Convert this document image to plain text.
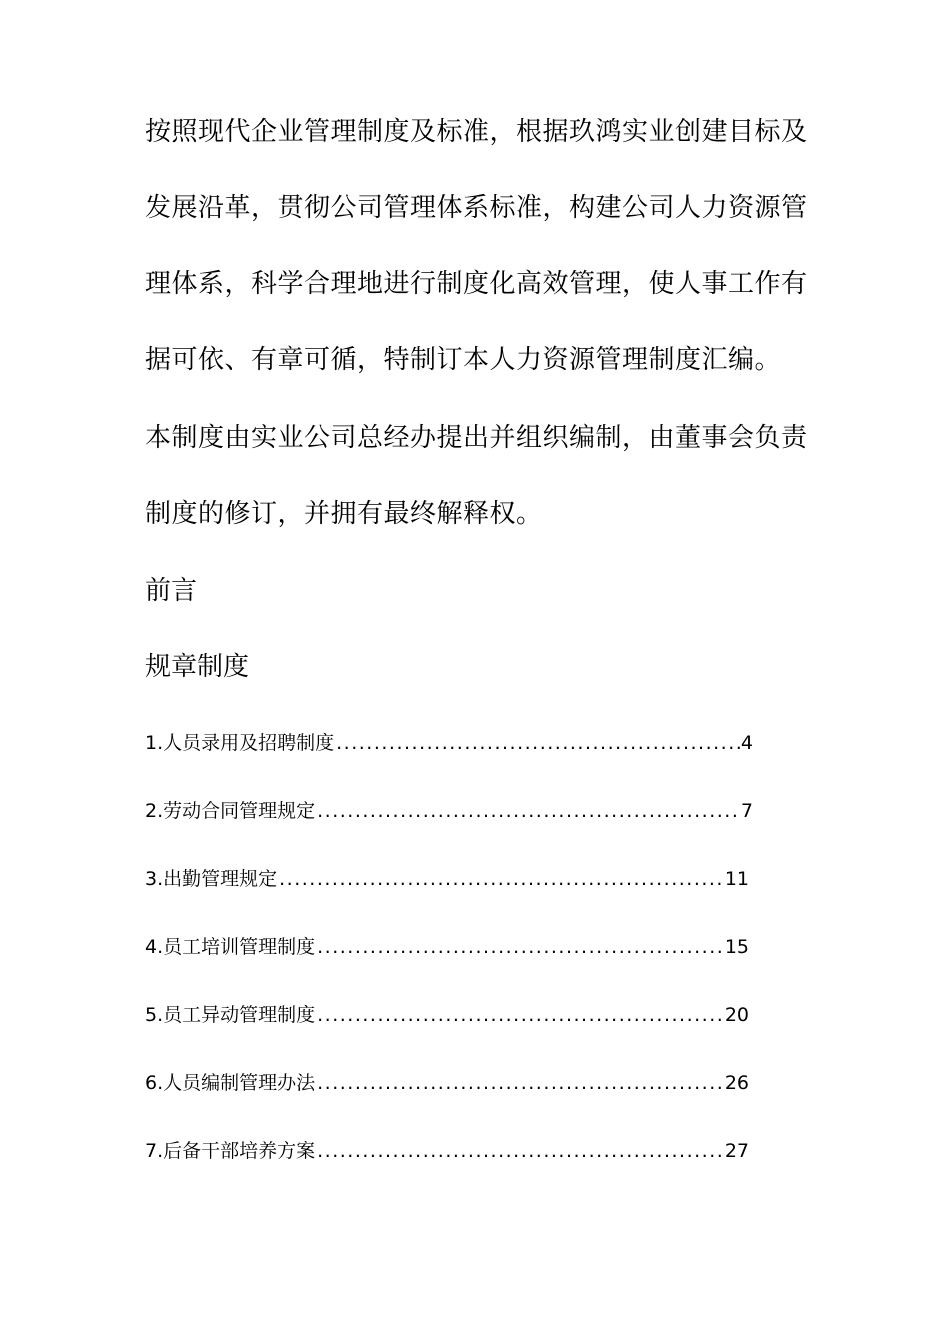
按照现代企业管理制度及标准，根据玖鸿实业创建目标及
发展沿革，贯彻公司管理体系标准，构建公司人力资源管
理体系，科学合理地进行制度化高效管理，使人事工作有
据可依、有章可循，特制订本人力资源管理制度汇编。
本制度由实业公司总经办提出并组织编制，由董事会负责
制度的修订，并拥有最终解释权。
前言
规章制度
1.人员录用及招聘制度 .....	4
2.劳动合同管理规定 .....	7
3.出勤管理规定 .....	11
4.员工培训管理制度 .....	15
5.员工异动管理制度 .....	20
6.人员编制管理办法 .....	26
7.后备干部培养方案 .....	27
